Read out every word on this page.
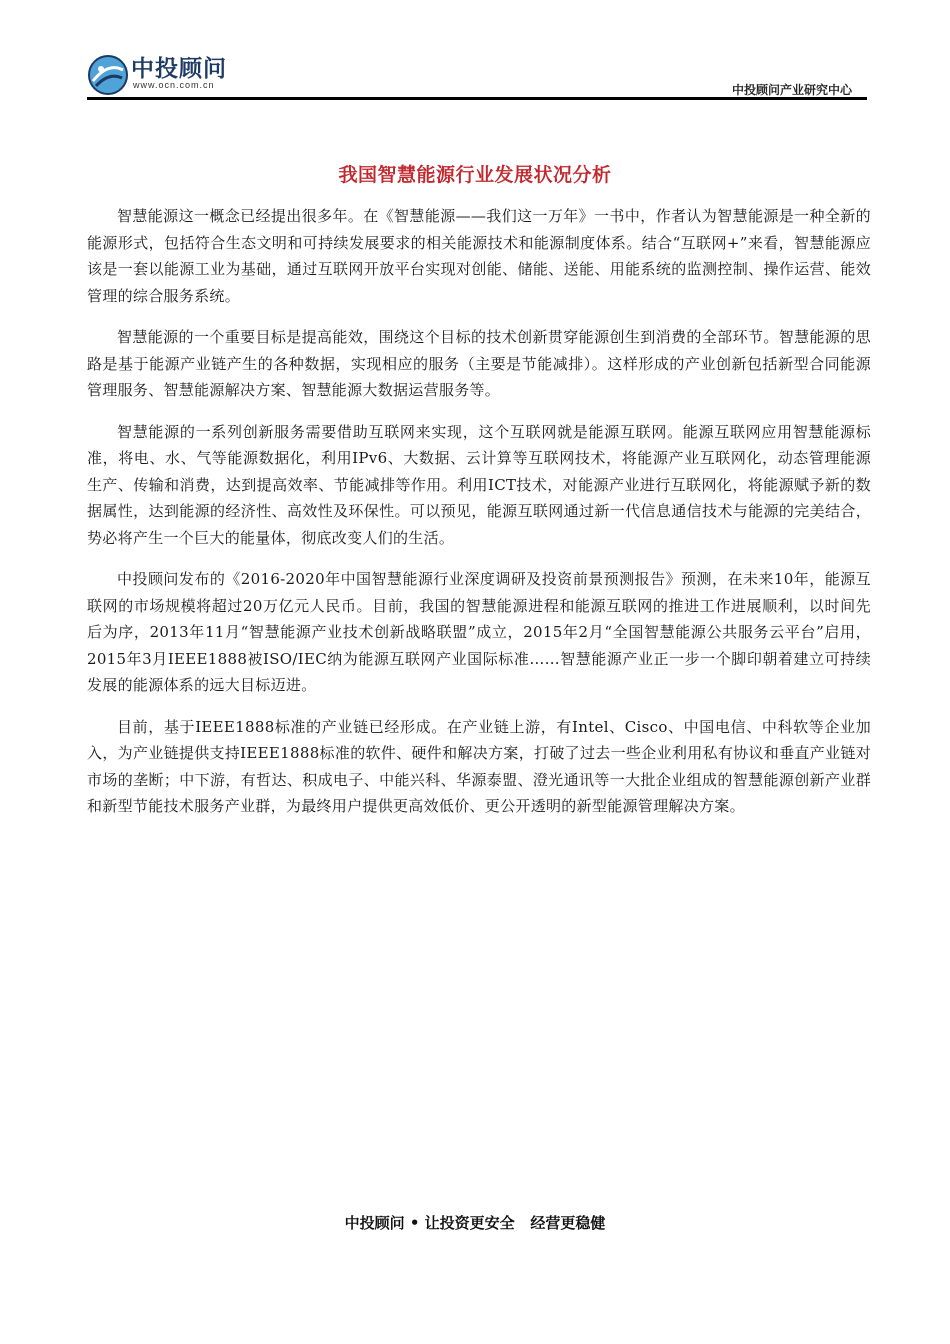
中投顾问
www.ocn.com.cn	中投顾问产业研究中心
我国智慧能源行业发展状况分析

智慧能源这一概念已经提出很多年。在《智慧能源——我们这一万年》一书中，作者认为智慧能源是一种全新的能源形式，包括符合生态文明和可持续发展要求的相关能源技术和能源制度体系。结合“互联网+”来看，智慧能源应该是一套以能源工业为基础，通过互联网开放平台实现对创能、储能、送能、用能系统的监测控制、操作运营、能效管理的综合服务系统。

智慧能源的一个重要目标是提高能效，围绕这个目标的技术创新贯穿能源创生到消费的全部环节。智慧能源的思路是基于能源产业链产生的各种数据，实现相应的服务（主要是节能减排）。这样形成的产业创新包括新型合同能源管理服务、智慧能源解决方案、智慧能源大数据运营服务等。

智慧能源的一系列创新服务需要借助互联网来实现，这个互联网就是能源互联网。能源互联网应用智慧能源标准，将电、水、气等能源数据化，利用IPv6、大数据、云计算等互联网技术，将能源产业互联网化，动态管理能源生产、传输和消费，达到提高效率、节能减排等作用。利用ICT技术，对能源产业进行互联网化，将能源赋予新的数据属性，达到能源的经济性、高效性及环保性。可以预见，能源互联网通过新一代信息通信技术与能源的完美结合，势必将产生一个巨大的能量体，彻底改变人们的生活。

中投顾问发布的《2016-2020年中国智慧能源行业深度调研及投资前景预测报告》预测，在未来10年，能源互联网的市场规模将超过20万亿元人民币。目前，我国的智慧能源进程和能源互联网的推进工作进展顺利，以时间先后为序，2013年11月“智慧能源产业技术创新战略联盟”成立，2015年2月“全国智慧能源公共服务云平台”启用，2015年3月IEEE1888被ISO/IEC纳为能源互联网产业国际标准……智慧能源产业正一步一个脚印朝着建立可持续发展的能源体系的远大目标迈进。

目前，基于IEEE1888标准的产业链已经形成。在产业链上游，有Intel、Cisco、中国电信、中科软等企业加入，为产业链提供支持IEEE1888标准的软件、硬件和解决方案，打破了过去一些企业利用私有协议和垂直产业链对市场的垄断；中下游，有哲达、积成电子、中能兴科、华源泰盟、澄光通讯等一大批企业组成的智慧能源创新产业群和新型节能技术服务产业群，为最终用户提供更高效低价、更公开透明的新型能源管理解决方案。

中投顾问 • 让投资更安全   经营更稳健
